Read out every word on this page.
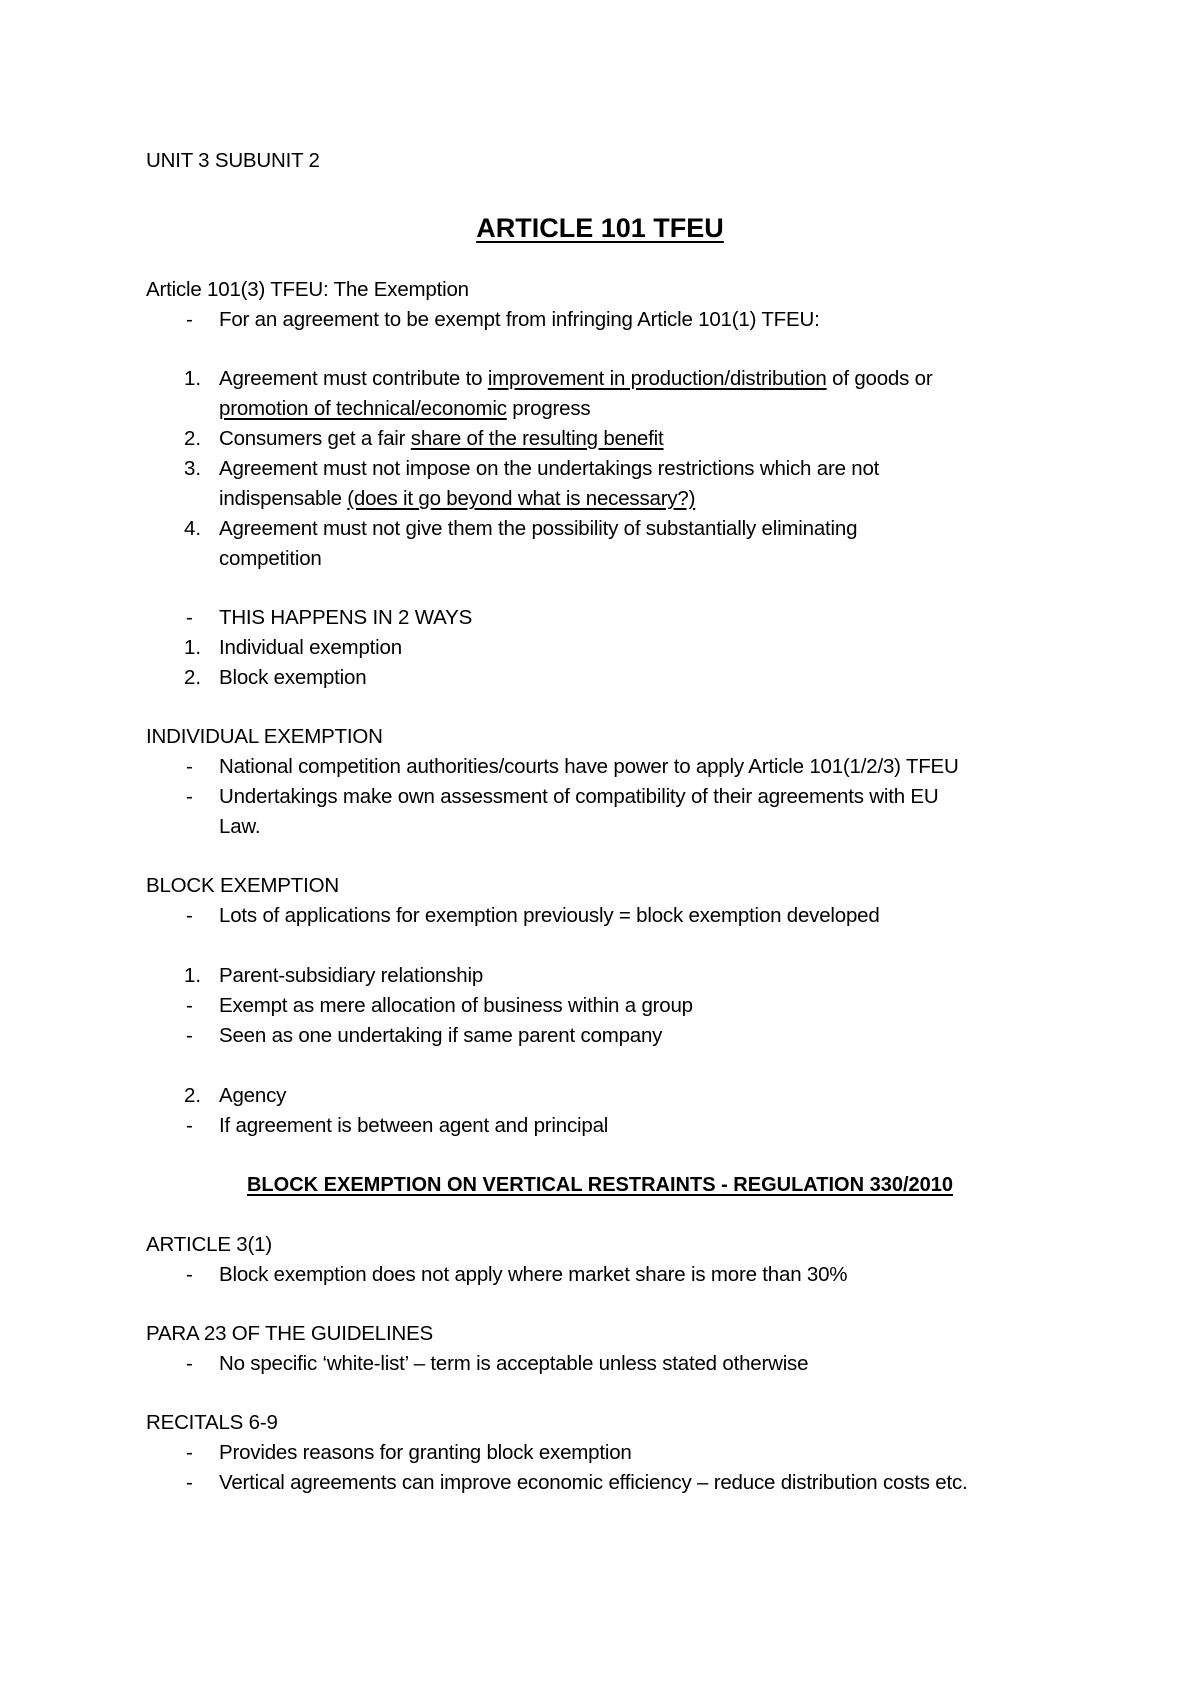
UNIT 3 SUBUNIT 2
ARTICLE 101 TFEU
Article 101(3) TFEU: The Exemption
- For an agreement to be exempt from infringing Article 101(1) TFEU:
1. Agreement must contribute to improvement in production/distribution of goods or
promotion of technical/economic progress
2. Consumers get a fair share of the resulting benefit
3. Agreement must not impose on the undertakings restrictions which are not
indispensable (does it go beyond what is necessary?)
4. Agreement must not give them the possibility of substantially eliminating
competition
- THIS HAPPENS IN 2 WAYS
1. Individual exemption
2. Block exemption
INDIVIDUAL EXEMPTION
- National competition authorities/courts have power to apply Article 101(1/2/3) TFEU
- Undertakings make own assessment of compatibility of their agreements with EU
Law.
BLOCK EXEMPTION
- Lots of applications for exemption previously = block exemption developed
1. Parent-subsidiary relationship
- Exempt as mere allocation of business within a group
- Seen as one undertaking if same parent company
2. Agency
- If agreement is between agent and principal
BLOCK EXEMPTION ON VERTICAL RESTRAINTS - REGULATION 330/2010
ARTICLE 3(1)
- Block exemption does not apply where market share is more than 30%
PARA 23 OF THE GUIDELINES
- No specific ‘white-list’ – term is acceptable unless stated otherwise
RECITALS 6-9
- Provides reasons for granting block exemption
- Vertical agreements can improve economic efficiency – reduce distribution costs etc.
